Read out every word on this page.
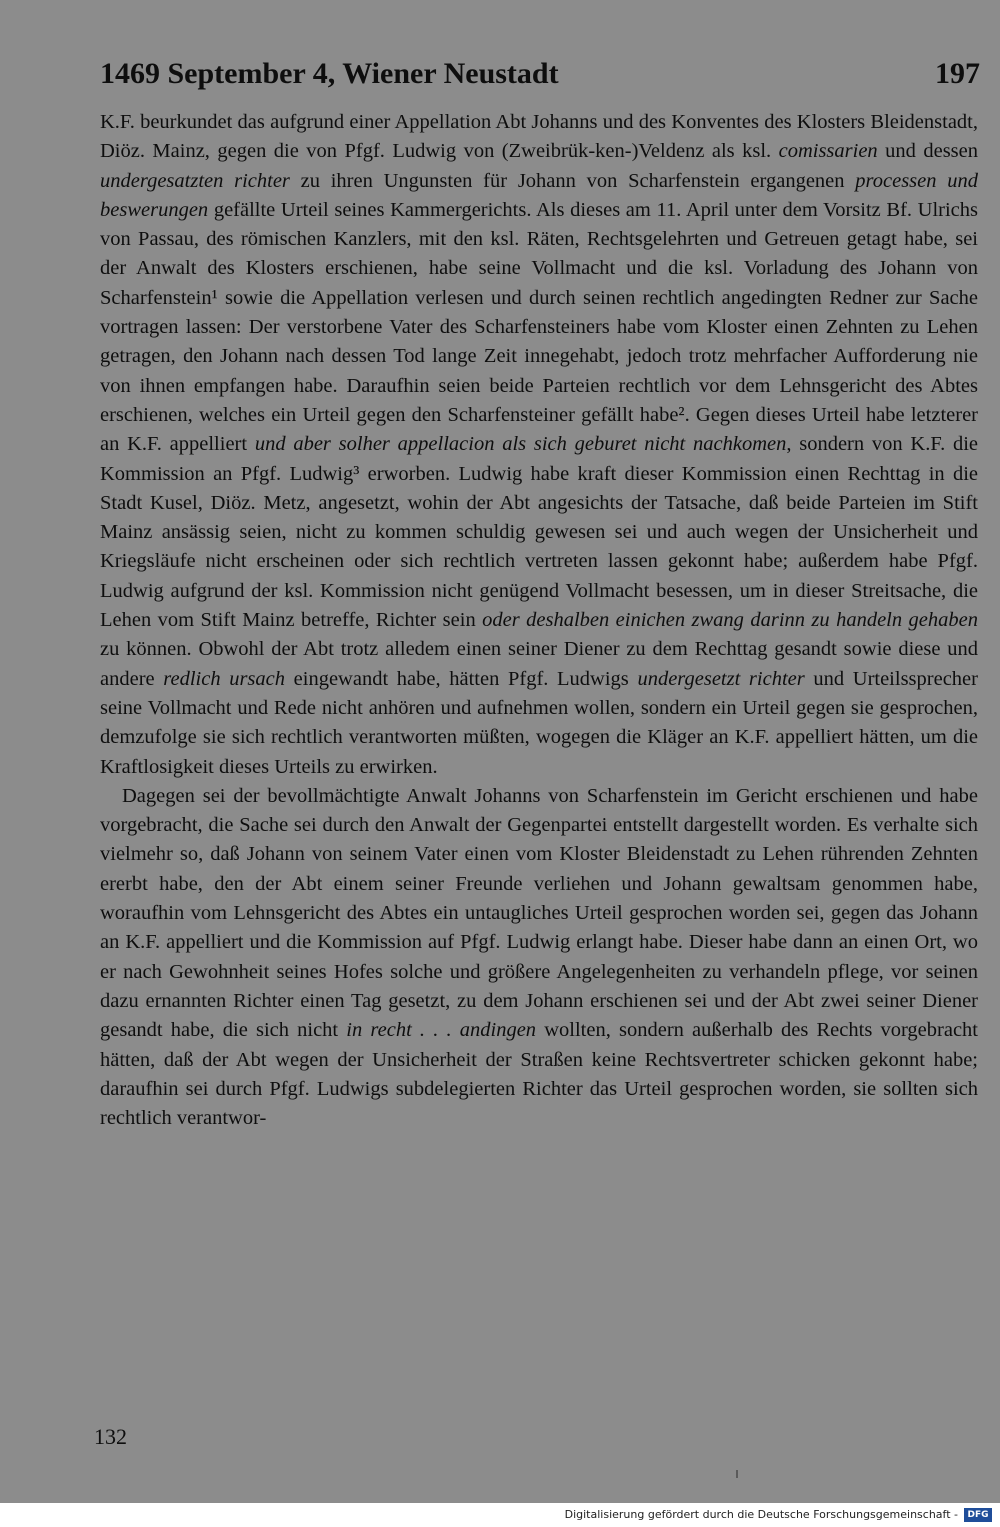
1469 September 4, Wiener Neustadt	197

K.F. beurkundet das aufgrund einer Appellation Abt Johanns und des Konventes des Klosters Bleidenstadt, Diöz. Mainz, gegen die von Pfgf. Ludwig von (Zweibrük-ken-)Veldenz als ksl. comissarien und dessen undergesatzten richter zu ihren Ungunsten für Johann von Scharfenstein ergangenen processen und beswerungen gefällte Urteil seines Kammergerichts. Als dieses am 11. April unter dem Vorsitz Bf. Ulrichs von Passau, des römischen Kanzlers, mit den ksl. Räten, Rechtsgelehrten und Getreuen getagt habe, sei der Anwalt des Klosters erschienen, habe seine Vollmacht und die ksl. Vorladung des Johann von Scharfenstein¹ sowie die Appellation verlesen und durch seinen rechtlich angedingten Redner zur Sache vortragen lassen: Der verstorbene Vater des Scharfensteiners habe vom Kloster einen Zehnten zu Lehen getragen, den Johann nach dessen Tod lange Zeit innegehabt, jedoch trotz mehrfacher Aufforderung nie von ihnen empfangen habe. Daraufhin seien beide Parteien rechtlich vor dem Lehnsgericht des Abtes erschienen, welches ein Urteil gegen den Scharfensteiner gefällt habe². Gegen dieses Urteil habe letzterer an K.F. appelliert und aber solher appellacion als sich geburet nicht nachkomen, sondern von K.F. die Kommission an Pfgf. Ludwig³ erworben. Ludwig habe kraft dieser Kommission einen Rechttag in die Stadt Kusel, Diöz. Metz, angesetzt, wohin der Abt angesichts der Tatsache, daß beide Parteien im Stift Mainz ansässig seien, nicht zu kommen schuldig gewesen sei und auch wegen der Unsicherheit und Kriegsläufe nicht erscheinen oder sich rechtlich vertreten lassen gekonnt habe; außerdem habe Pfgf. Ludwig aufgrund der ksl. Kommission nicht genügend Vollmacht besessen, um in dieser Streitsache, die Lehen vom Stift Mainz betreffe, Richter sein oder deshalben einichen zwang darinn zu handeln gehaben zu können. Obwohl der Abt trotz alledem einen seiner Diener zu dem Rechttag gesandt sowie diese und andere redlich ursach eingewandt habe, hätten Pfgf. Ludwigs undergesetzt richter und Urteilssprecher seine Vollmacht und Rede nicht anhören und aufnehmen wollen, sondern ein Urteil gegen sie gesprochen, demzufolge sie sich rechtlich verantworten müßten, wogegen die Kläger an K.F. appelliert hätten, um die Kraftlosigkeit dieses Urteils zu erwirken.

Dagegen sei der bevollmächtigte Anwalt Johanns von Scharfenstein im Gericht erschienen und habe vorgebracht, die Sache sei durch den Anwalt der Gegenpartei entstellt dargestellt worden. Es verhalte sich vielmehr so, daß Johann von seinem Vater einen vom Kloster Bleidenstadt zu Lehen rührenden Zehnten ererbt habe, den der Abt einem seiner Freunde verliehen und Johann gewaltsam genommen habe, woraufhin vom Lehnsgericht des Abtes ein untaugliches Urteil gesprochen worden sei, gegen das Johann an K.F. appelliert und die Kommission auf Pfgf. Ludwig erlangt habe. Dieser habe dann an einen Ort, wo er nach Gewohnheit seines Hofes solche und größere Angelegenheiten zu verhandeln pflege, vor seinen dazu ernannten Richter einen Tag gesetzt, zu dem Johann erschienen sei und der Abt zwei seiner Diener gesandt habe, die sich nicht in recht . . . andingen wollten, sondern außerhalb des Rechts vorgebracht hätten, daß der Abt wegen der Unsicherheit der Straßen keine Rechtsvertreter schicken gekonnt habe; daraufhin sei durch Pfgf. Ludwigs subdelegierten Richter das Urteil gesprochen worden, sie sollten sich rechtlich verantwor-

132
Digitalisierung gefördert durch die Deutsche Forschungsgemeinschaft -	DFG
